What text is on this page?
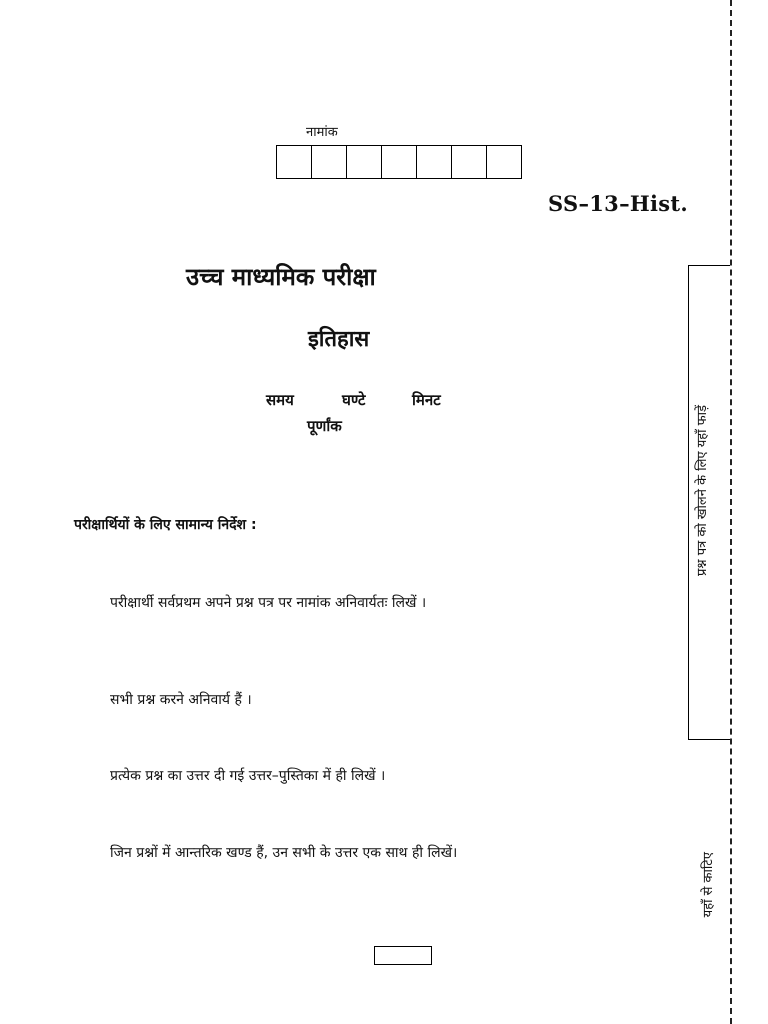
नामांक
SS–13–Hist.
उच्च माध्यमिक परीक्षा
इतिहास
समय	घण्टे	मिनट
पूर्णांक
परीक्षार्थियों के लिए सामान्य निर्देश :
परीक्षार्थी सर्वप्रथम अपने प्रश्न पत्र पर नामांक अनिवार्यतः लिखें ।
सभी प्रश्न करने अनिवार्य हैं ।
प्रत्येक प्रश्न का उत्तर दी गई उत्तर–पुस्तिका में ही लिखें ।
जिन प्रश्नों में आन्तरिक खण्ड हैं, उन सभी के उत्तर एक साथ ही लिखें।
प्रश्न पत्र को खोलने के लिए यहाँ फाड़ें
यहाँ से काटिए
